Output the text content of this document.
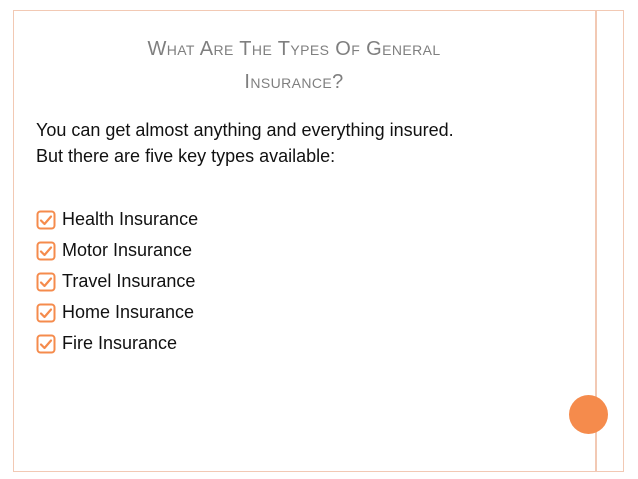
What Are The Types Of General
Insurance?
You can get almost anything and everything insured.
But there are five key types available:
Health Insurance
Motor Insurance
Travel Insurance
Home Insurance
Fire Insurance
